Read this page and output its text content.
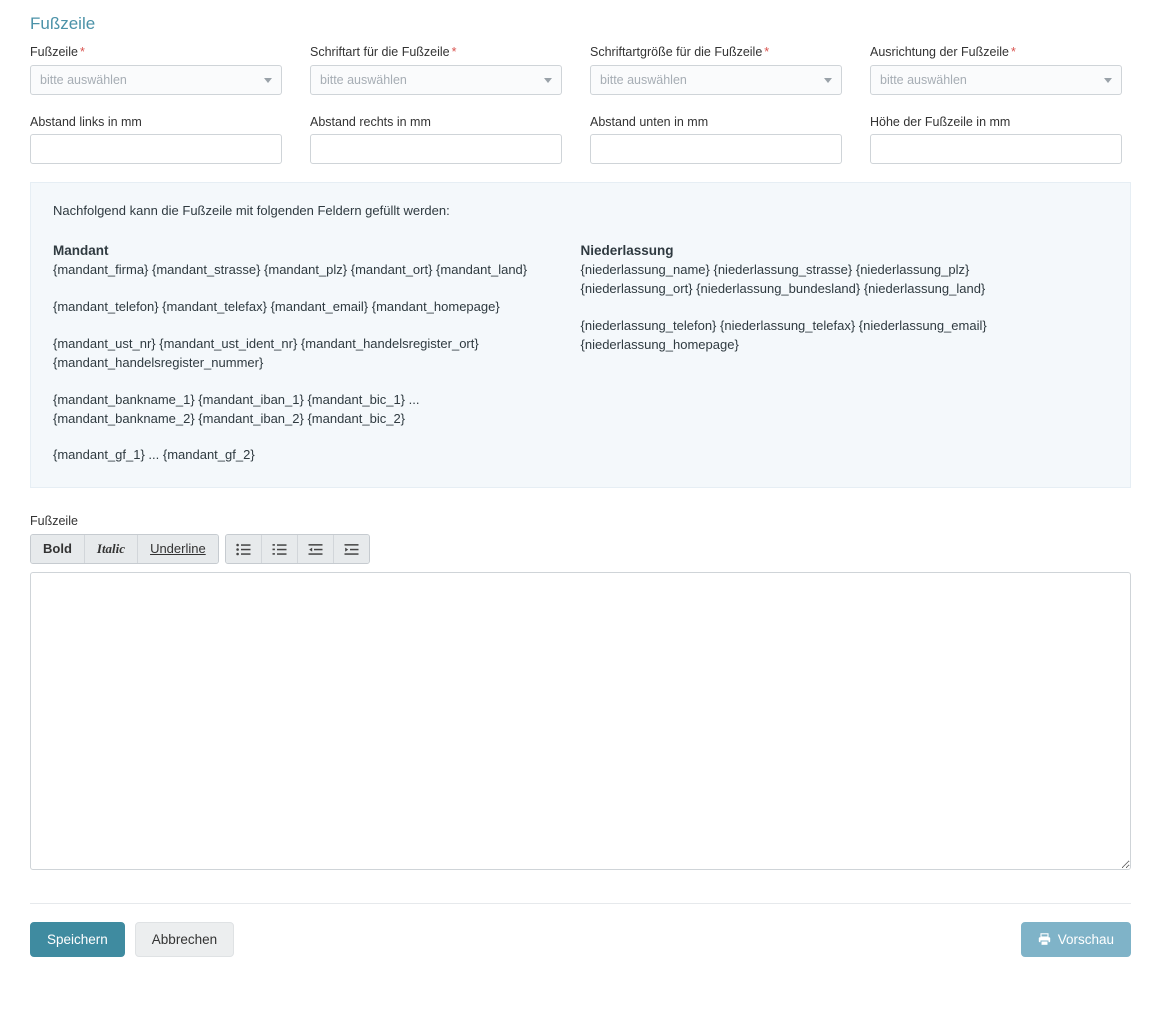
Fußzeile
Fußzeile *
bitte auswählen
Schriftart für die Fußzeile *
bitte auswählen
Schriftartgröße für die Fußzeile *
bitte auswählen
Ausrichtung der Fußzeile *
bitte auswählen
Abstand links in mm	Abstand rechts in mm	Abstand unten in mm	Höhe der Fußzeile in mm

Nachfolgend kann die Fußzeile mit folgenden Feldern gefüllt werden:

Mandant

{mandant_firma} {mandant_strasse} {mandant_plz} {mandant_ort} {mandant_land}

{mandant_telefon} {mandant_telefax} {mandant_email} {mandant_homepage}

{mandant_ust_nr} {mandant_ust_ident_nr} {mandant_handelsregister_ort} {mandant_handelsregister_nummer}

{mandant_bankname_1} {mandant_iban_1} {mandant_bic_1} ... {mandant_bankname_2} {mandant_iban_2} {mandant_bic_2}

{mandant_gf_1} ... {mandant_gf_2}

Niederlassung

{niederlassung_name} {niederlassung_strasse} {niederlassung_plz} {niederlassung_ort} {niederlassung_bundesland} {niederlassung_land}

{niederlassung_telefon} {niederlassung_telefax} {niederlassung_email} {niederlassung_homepage}

Fußzeile
Bold	Italic	Underline
Speichern	Abbrechen	Vorschau
